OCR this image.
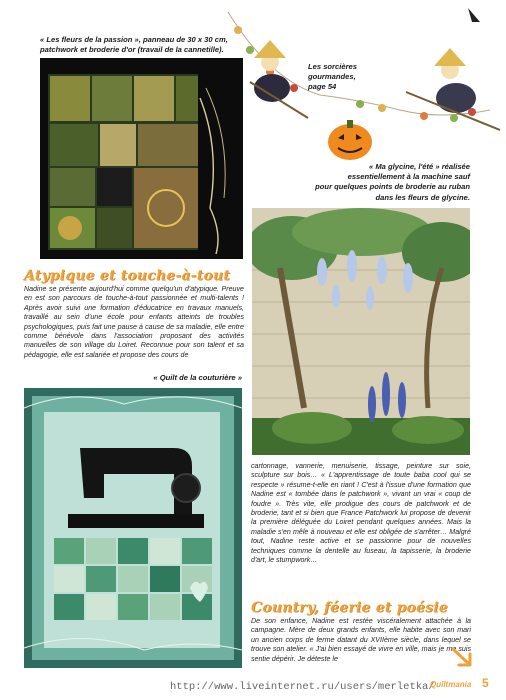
« Les fleurs de la passion », panneau de 30 x 30 cm, patchwork et broderie d'or (travail de la cannetille).
Les sorcières
gourmandes,
page 54
« Ma glycine, l'été » réalisée
essentiellement à la machine sauf
pour quelques points de broderie au ruban
dans les fleurs de glycine.
Atypique et touche-à-tout

Nadine se présente aujourd'hui comme quelqu'un d'atypique. Preuve en est son parcours de touche-à-tout passionnée et multi-talents ! Après avoir suivi une formation d'éducatrice en travaux manuels, travaillé au sein d'une école pour enfants atteints de troubles psychologiques, puis fait une pause à cause de sa maladie, elle entre comme bénévole dans l'association proposant des activités manuelles de son village du Loiret. Reconnue pour son talent et sa pédagogie, elle est salariée et propose des cours de

« Quilt de la couturière »

cartonnage, vannerie, menuiserie, tissage, peinture sur soie, sculpture sur bois… « L'apprentissage de toute baba cool qui se respecte » résume-t-elle en riant ! C'est à l'issue d'une formation que Nadine est « tombée dans le patchwork », vivant un vrai « coup de foudre ». Très vite, elle prodigue des cours de patchwork et de broderie, tant et si bien que France Patchwork lui propose de devenir la première déléguée du Loiret pendant quelques années. Mais la maladie s'en mêle à nouveau et elle est obligée de s'arrêter… Malgré tout, Nadine reste active et se passionne pour de nouvelles techniques comme la dentelle au fuseau, la tapisserie, la broderie d'art, le stumpwork…

Country, féerie et poésie

De son enfance, Nadine est restée viscéralement attachée à la campagne. Mère de deux grands enfants, elle habite avec son mari un ancien corps de ferme datant du XVIIème siècle, dans lequel se trouve son atelier. « J'ai bien essayé de vivre en ville, mais je me suis sentie dépérir. Je déteste le

http://www.liveinternet.ru/users/merletka/
Quiltmania 5
